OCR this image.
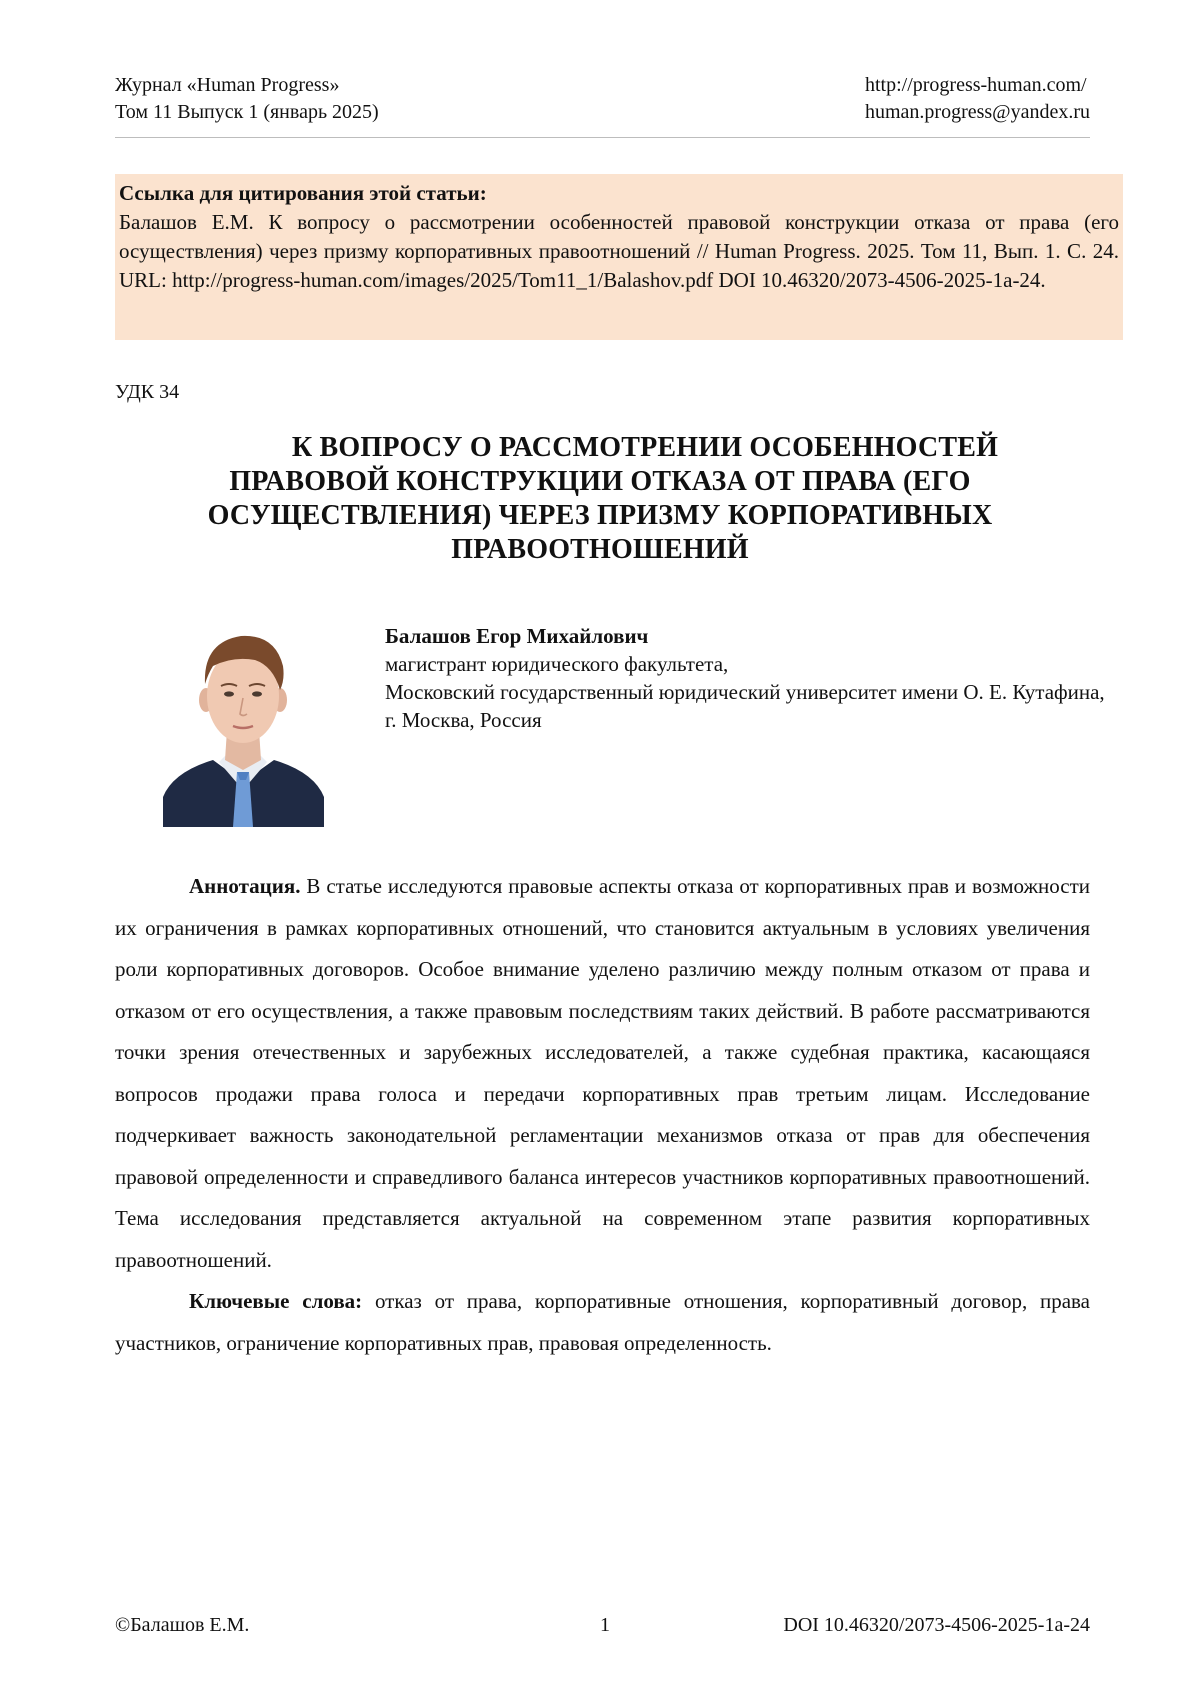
Журнал «Human Progress»
Том 11 Выпуск 1 (январь 2025)
http://progress-human.com/
human.progress@yandex.ru
Ссылка для цитирования этой статьи:
Балашов Е.М. К вопросу о рассмотрении особенностей правовой конструкции отказа от права (его осуществления) через призму корпоративных правоотношений // Human Progress. 2025. Том 11, Вып. 1. С. 24. URL: http://progress-human.com/images/2025/Tom11_1/Balashov.pdf DOI 10.46320/2073-4506-2025-1a-24.
УДК 34
К ВОПРОСУ О РАССМОТРЕНИИ ОСОБЕННОСТЕЙ
ПРАВОВОЙ КОНСТРУКЦИИ ОТКАЗА ОТ ПРАВА (ЕГО
ОСУЩЕСТВЛЕНИЯ) ЧЕРЕЗ ПРИЗМУ КОРПОРАТИВНЫХ
ПРАВООТНОШЕНИЙ
Балашов Егор Михайлович
магистрант юридического факультета,
Московский государственный юридический университет имени О. Е. Кутафина,
г. Москва, Россия

Аннотация. В статье исследуются правовые аспекты отказа от корпоративных прав и возможности их ограничения в рамках корпоративных отношений, что становится актуальным в условиях увеличения роли корпоративных договоров. Особое внимание уделено различию между полным отказом от права и отказом от его осуществления, а также правовым последствиям таких действий. В работе рассматриваются точки зрения отечественных и зарубежных исследователей, а также судебная практика, касающаяся вопросов продажи права голоса и передачи корпоративных прав третьим лицам. Исследование подчеркивает важность законодательной регламентации механизмов отказа от прав для обеспечения правовой определенности и справедливого баланса интересов участников корпоративных правоотношений. Тема исследования представляется актуальной на современном этапе развития корпоративных правоотношений.

Ключевые слова: отказ от права, корпоративные отношения, корпоративный договор, права участников, ограничение корпоративных прав, правовая определенность.

©Балашов Е.М.	1	DOI 10.46320/2073-4506-2025-1a-24
